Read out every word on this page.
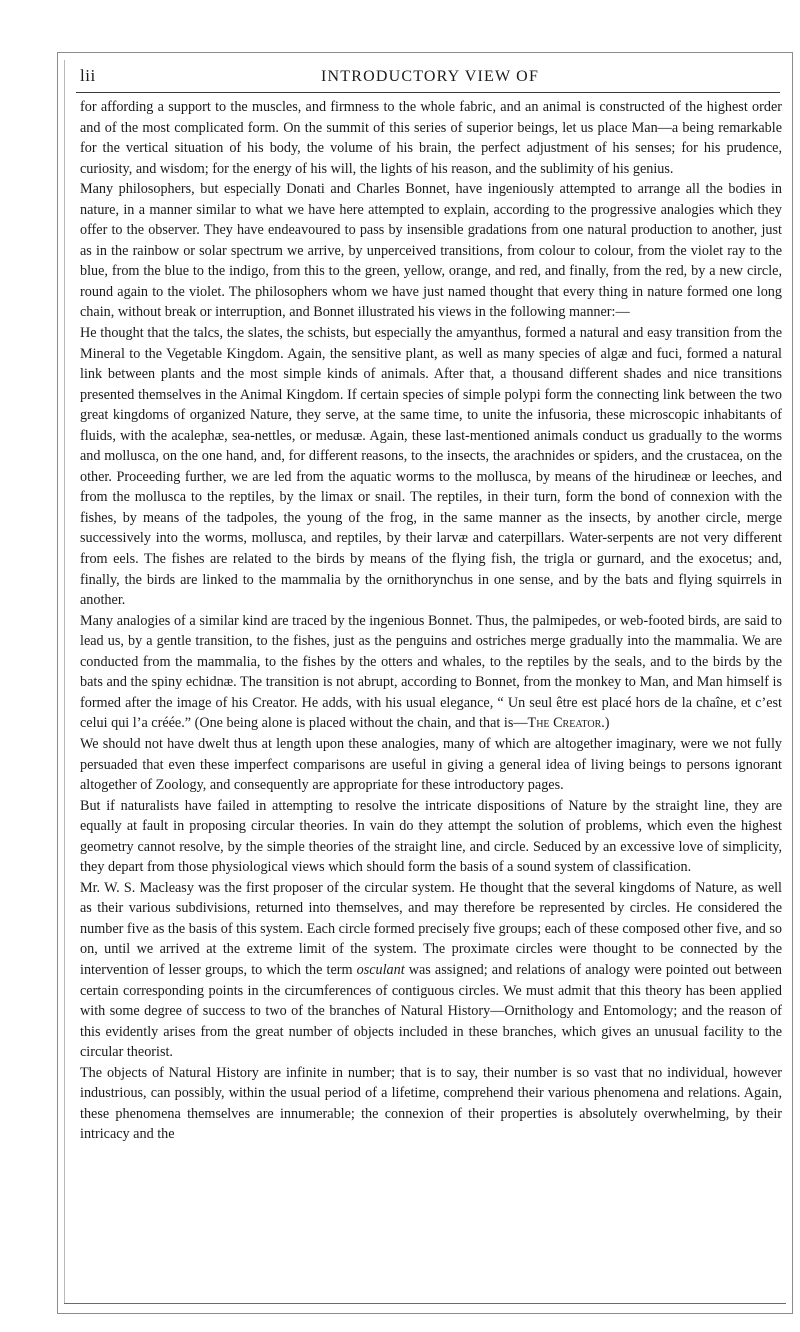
lii	INTRODUCTORY VIEW OF

for affording a support to the muscles, and firmness to the whole fabric, and an animal is constructed of the highest order and of the most complicated form. On the summit of this series of superior beings, let us place Man—a being remarkable for the vertical situation of his body, the volume of his brain, the perfect adjustment of his senses; for his prudence, curiosity, and wisdom; for the energy of his will, the lights of his reason, and the sublimity of his genius.

Many philosophers, but especially Donati and Charles Bonnet, have ingeniously attempted to arrange all the bodies in nature, in a manner similar to what we have here attempted to explain, according to the progressive analogies which they offer to the observer. They have endeavoured to pass by insensible gradations from one natural production to another, just as in the rainbow or solar spectrum we arrive, by unperceived transitions, from colour to colour, from the violet ray to the blue, from the blue to the indigo, from this to the green, yellow, orange, and red, and finally, from the red, by a new circle, round again to the violet. The philosophers whom we have just named thought that every thing in nature formed one long chain, without break or interruption, and Bonnet illustrated his views in the following manner:—

He thought that the talcs, the slates, the schists, but especially the amyanthus, formed a natural and easy transition from the Mineral to the Vegetable Kingdom. Again, the sensitive plant, as well as many species of algæ and fuci, formed a natural link between plants and the most simple kinds of animals. After that, a thousand different shades and nice transitions presented themselves in the Animal Kingdom. If certain species of simple polypi form the connecting link between the two great kingdoms of organized Nature, they serve, at the same time, to unite the infusoria, these microscopic inhabitants of fluids, with the acalephæ, sea-nettles, or medusæ. Again, these last-mentioned animals conduct us gradually to the worms and mollusca, on the one hand, and, for different reasons, to the insects, the arachnides or spiders, and the crustacea, on the other. Proceeding further, we are led from the aquatic worms to the mollusca, by means of the hirudineæ or leeches, and from the mollusca to the reptiles, by the limax or snail. The reptiles, in their turn, form the bond of connexion with the fishes, by means of the tadpoles, the young of the frog, in the same manner as the insects, by another circle, merge successively into the worms, mollusca, and reptiles, by their larvæ and caterpillars. Water-serpents are not very different from eels. The fishes are related to the birds by means of the flying fish, the trigla or gurnard, and the exocetus; and, finally, the birds are linked to the mammalia by the ornithorynchus in one sense, and by the bats and flying squirrels in another.

Many analogies of a similar kind are traced by the ingenious Bonnet. Thus, the palmipedes, or web-footed birds, are said to lead us, by a gentle transition, to the fishes, just as the penguins and ostriches merge gradually into the mammalia. We are conducted from the mammalia, to the fishes by the otters and whales, to the reptiles by the seals, and to the birds by the bats and the spiny echidnæ. The transition is not abrupt, according to Bonnet, from the monkey to Man, and Man himself is formed after the image of his Creator. He adds, with his usual elegance, “ Un seul être est placé hors de la chaîne, et c’est celui qui l’a créée.” (One being alone is placed without the chain, and that is—The Creator.)

We should not have dwelt thus at length upon these analogies, many of which are altogether imaginary, were we not fully persuaded that even these imperfect comparisons are useful in giving a general idea of living beings to persons ignorant altogether of Zoology, and consequently are appropriate for these introductory pages.

But if naturalists have failed in attempting to resolve the intricate dispositions of Nature by the straight line, they are equally at fault in proposing circular theories. In vain do they attempt the solution of problems, which even the highest geometry cannot resolve, by the simple theories of the straight line, and circle. Seduced by an excessive love of simplicity, they depart from those physiological views which should form the basis of a sound system of classification.

Mr. W. S. Macleasy was the first proposer of the circular system. He thought that the several kingdoms of Nature, as well as their various subdivisions, returned into themselves, and may therefore be represented by circles. He considered the number five as the basis of this system. Each circle formed precisely five groups; each of these composed other five, and so on, until we arrived at the extreme limit of the system. The proximate circles were thought to be connected by the intervention of lesser groups, to which the term osculant was assigned; and relations of analogy were pointed out between certain corresponding points in the circumferences of contiguous circles. We must admit that this theory has been applied with some degree of success to two of the branches of Natural History—Ornithology and Entomology; and the reason of this evidently arises from the great number of objects included in these branches, which gives an unusual facility to the circular theorist.

The objects of Natural History are infinite in number; that is to say, their number is so vast that no individual, however industrious, can possibly, within the usual period of a lifetime, comprehend their various phenomena and relations. Again, these phenomena themselves are innumerable; the connexion of their properties is absolutely overwhelming, by their intricacy and the
